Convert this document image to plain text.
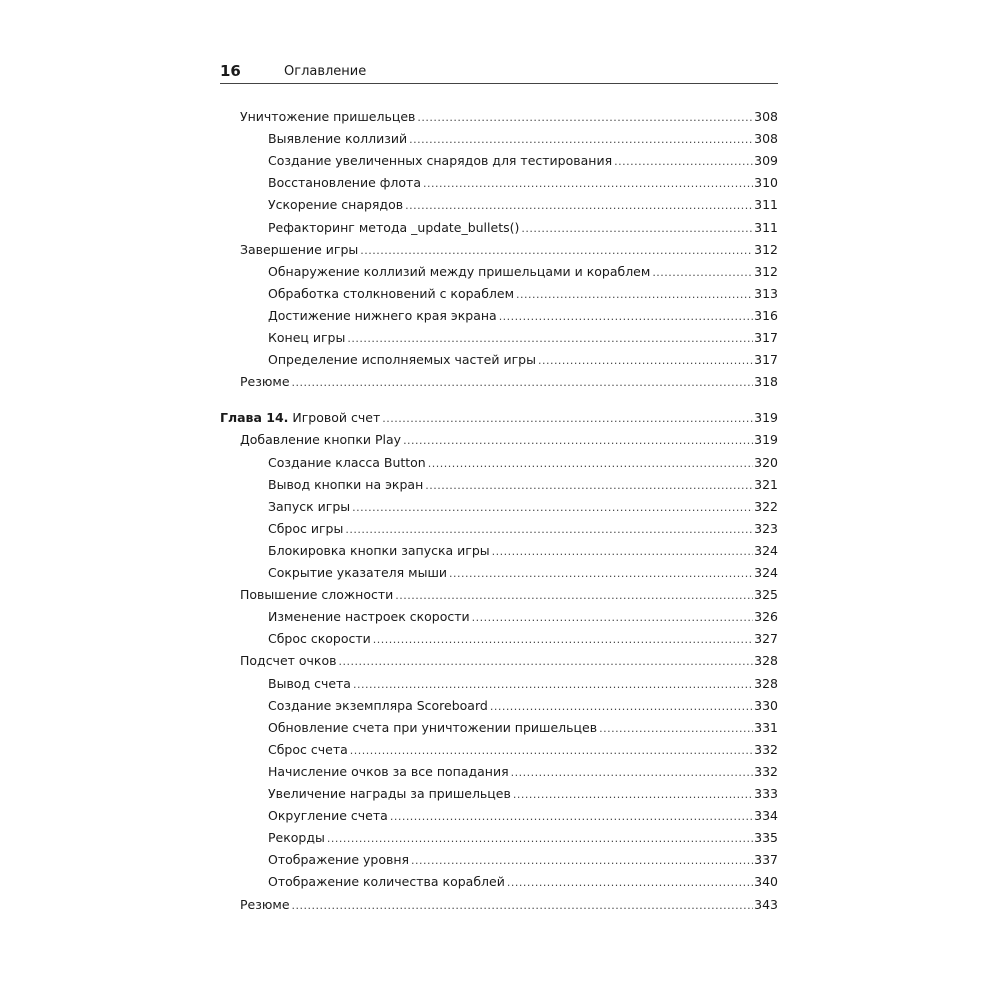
16	Оглавление
Уничтожение пришельцев .....	308
Выявление коллизий .....	308
Создание увеличенных снарядов для тестирования .....	309
Восстановление флота .....	310
Ускорение снарядов .....	311
Рефакторинг метода _update_bullets() .....	311
Завершение игры .....	312
Обнаружение коллизий между пришельцами и кораблем .....	312
Обработка столкновений с кораблем .....	313
Достижение нижнего края экрана .....	316
Конец игры .....	317
Определение исполняемых частей игры .....	317
Резюме .....	318
Глава 14. Игровой счет .....	319
Добавление кнопки Play .....	319
Создание класса Button .....	320
Вывод кнопки на экран .....	321
Запуск игры .....	322
Сброс игры .....	323
Блокировка кнопки запуска игры .....	324
Сокрытие указателя мыши .....	324
Повышение сложности .....	325
Изменение настроек скорости .....	326
Сброс скорости .....	327
Подсчет очков .....	328
Вывод счета .....	328
Создание экземпляра Scoreboard .....	330
Обновление счета при уничтожении пришельцев .....	331
Сброс счета .....	332
Начисление очков за все попадания .....	332
Увеличение награды за пришельцев .....	333
Округление счета .....	334
Рекорды .....	335
Отображение уровня .....	337
Отображение количества кораблей .....	340
Резюме .....	343
